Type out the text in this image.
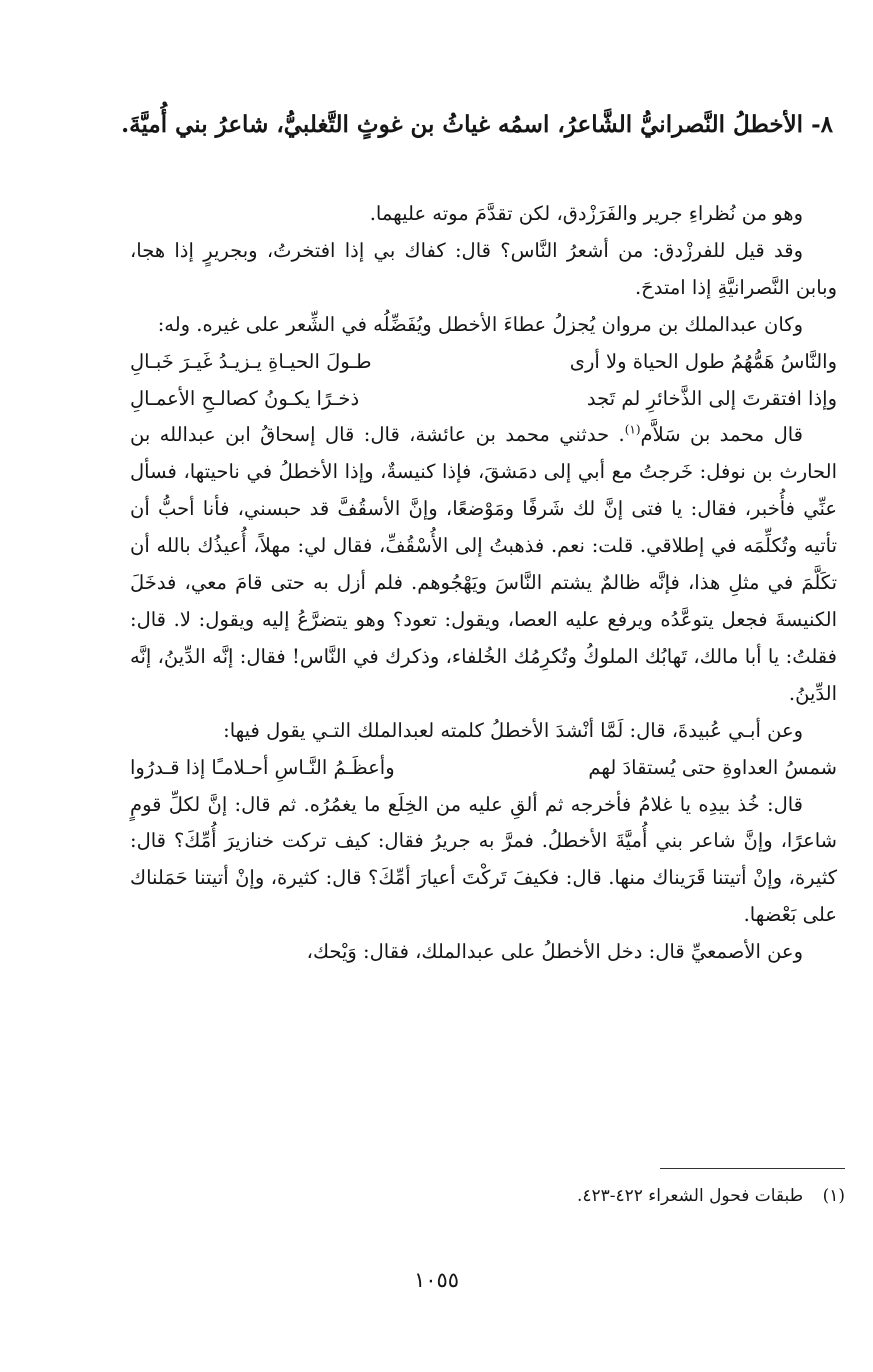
٨- الأخطلُ النَّصرانيُّ الشَّاعرُ، اسمُه غياثُ بن غوثٍ التَّغلبيُّ، شاعرُ بني أُميَّةَ.

وهو من نُظراءِ جرير والفَرَزْدق، لكن تقدَّمَ موته عليهما.

وقد قيل للفرزْدق: من أشعرُ النَّاس؟ قال: كفاك بي إذا افتخرتُ، وبجريرٍ إذا هجا، وبابن النَّصرانيَّةِ إذا امتدحَ.

وكان عبدالملك بن مروان يُجزلُ عطاءَ الأخطل ويُفَضِّلُه في الشِّعر على غيره. وله:

والنَّاسُ هَمُّهُمُ طول الحياة ولا أرى
طـولَ الحيـاةِ يـزيـدُ غَيـرَ خَبـالِ
وإذا افتقرتَ إلى الذَّخائرِ لم تَجد
ذخـرًا يكـونُ كصالـحِ الأعمـالِ

قال محمد بن سَلاَّم$^{(١)}$. حدثني محمد بن عائشة، قال: قال إسحاقُ ابن عبدالله بن الحارث بن نوفل: خَرجتُ مع أبي إلى دمَشقَ، فإذا كنيسةٌ، وإذا الأخطلُ في ناحيتها، فسأل عنِّي فأُخبر، فقال: يا فتى إنَّ لك شَرفًا ومَوْضعًا، وإنَّ الأسقُفَّ قد حبسني، فأنا أحبُّ أن تأتيه وتُكلِّمَه في إطلاقي. قلت: نعم. فذهبتُ إلى الأُسْقُفِّ، فقال لي: مهلاً، أُعيذُك بالله أن تكَلَّمَ في مثلِ هذا، فإنَّه ظالمٌ يشتم النَّاسَ ويَهْجُوهم. فلم أزل به حتى قامَ معي، فدخَلَ الكنيسةَ فجعل يتوعَّدُه ويرفع عليه العصا، ويقول: تعود؟ وهو يتضرَّعُ إليه ويقول: لا. قال: فقلتُ: يا أبا مالك، تَهابُك الملوكُ وتُكرِمُك الخُلفاء، وذكرك في النَّاس! فقال: إنَّه الدِّينُ، إنَّه الدِّينُ.

وعن أبـي عُبيدةَ، قال: لَمَّا أنْشدَ الأخطلُ كلمته لعبدالملك التـي يقول فيها:

شمسُ العداوةِ حتى يُستقادَ لهم
وأعظَـمُ النَّـاسِ أحـلامـًا إذا قـدرُوا

قال: خُذ بيدِه يا غلامُ فأخرجه ثم ألقِ عليه من الخِلَع ما يغمُرُه. ثم قال: إنَّ لكلِّ قومٍ شاعرًا، وإنَّ شاعر بني أُميَّةَ الأخطلُ. فمرَّ به جريرُ فقال: كيف تركت خنازيرَ أُمِّكَ؟ قال: كثيرة، وإنْ أتيتنا قَرَيناك منها. قال: فكيفَ تَركْتَ أعيارَ أمِّكَ؟ قال: كثيرة، وإنْ أتيتنا حَمَلناك على بَعْضها.

وعن الأصمعيِّ قال: دخل الأخطلُ على عبدالملك، فقال: وَيْحك،

(١) طبقات فحول الشعراء ٤٢٢-٤٢٣.
١٠٥٥
